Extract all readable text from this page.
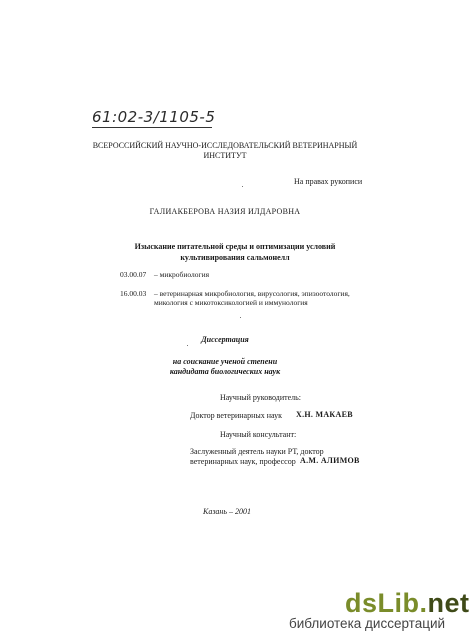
61:02-3/1105-5
ВСЕРОССИЙСКИЙ НАУЧНО-ИССЛЕДОВАТЕЛЬСКИЙ ВЕТЕРИНАРНЫЙ
ИНСТИТУТ
На правах рукописи
ГАЛИАКБЕРОВА НАЗИЯ ИЛДАРОВНА
Изыскание питательной среды и оптимизации условий
культивирования сальмонелл
03.00.07 – микробиология
16.00.03 – ветеринарная микробиология, вирусология, эпизоотология,
микология с микотоксикологией и иммунология
Диссертация
на соискание ученой степени
кандидата биологических наук
Научный руководитель:
Доктор ветеринарных наук Х.Н. МАКАЕВ
Научный консультант:
Заслуженный деятель науки РТ, доктор
ветеринарных наук, профессор А.М. АЛИМОВ
Казань – 2001
dsLib.net
библиотека диссертаций
